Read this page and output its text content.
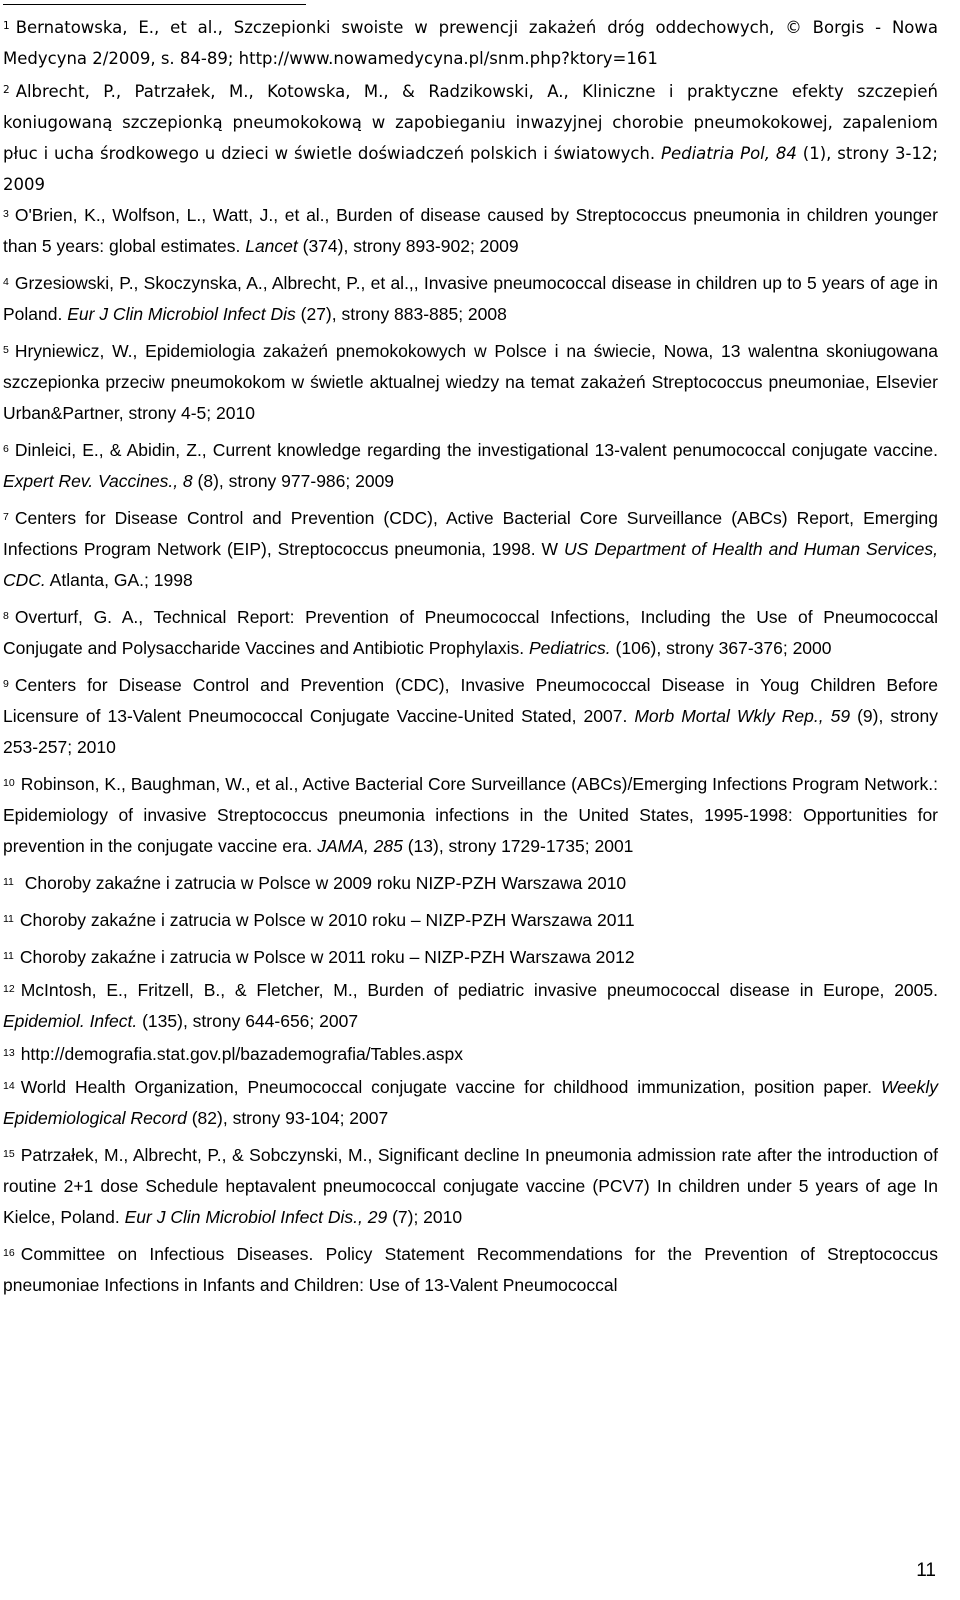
$^1$ Bernatowska, E., et al., Szczepionki swoiste w prewencji zakażeń dróg oddechowych, © Borgis - Nowa Medycyna 2/2009, s. 84-89; http://www.nowamedycyna.pl/snm.php?ktory=161

$^2$ Albrecht, P., Patrzałek, M., Kotowska, M., & Radzikowski, A., Kliniczne i praktyczne efekty szczepień koniugowaną szczepionką pneumokokową w zapobieganiu inwazyjnej chorobie pneumokokowej, zapaleniom płuc i ucha środkowego u dzieci w świetle doświadczeń polskich i światowych. Pediatria Pol, 84 (1), strony 3-12; 2009

$^3$ O'Brien, K., Wolfson, L., Watt, J., et al., Burden of disease caused by Streptococcus pneumonia in children younger than 5 years: global estimates. Lancet (374), strony 893-902; 2009

$^4$ Grzesiowski, P., Skoczynska, A., Albrecht, P., et al.,, Invasive pneumococcal disease in children up to 5 years of age in Poland. Eur J Clin Microbiol Infect Dis (27), strony 883-885; 2008

$^5$ Hryniewicz, W., Epidemiologia zakażeń pnemokokowych w Polsce i na świecie, Nowa, 13 walentna skoniugowana szczepionka przeciw pneumokokom w świetle aktualnej wiedzy na temat zakażeń Streptococcus pneumoniae, Elsevier Urban&Partner, strony 4-5; 2010

$^6$ Dinleici, E., & Abidin, Z., Current knowledge regarding the investigational 13-valent penumococcal conjugate vaccine. Expert Rev. Vaccines., 8 (8), strony 977-986; 2009

$^7$ Centers for Disease Control and Prevention (CDC), Active Bacterial Core Surveillance (ABCs) Report, Emerging Infections Program Network (EIP), Streptococcus pneumonia, 1998. W US Department of Health and Human Services, CDC. Atlanta, GA.; 1998

$^8$ Overturf, G. A., Technical Report: Prevention of Pneumococcal Infections, Including the Use of Pneumococcal Conjugate and Polysaccharide Vaccines and Antibiotic Prophylaxis. Pediatrics. (106), strony 367-376; 2000

$^9$ Centers for Disease Control and Prevention (CDC), Invasive Pneumococcal Disease in Youg Children Before Licensure of 13-Valent Pneumococcal Conjugate Vaccine-United Stated, 2007. Morb Mortal Wkly Rep., 59 (9), strony 253-257; 2010

$^{10}$ Robinson, K., Baughman, W., et al., Active Bacterial Core Surveillance (ABCs)/Emerging Infections Program Network.: Epidemiology of invasive Streptococcus pneumonia infections in the United States, 1995-1998: Opportunities for prevention in the conjugate vaccine era. JAMA, 285 (13), strony 1729-1735; 2001

$^{11}$ Choroby zakaźne i zatrucia w Polsce w 2009 roku NIZP-PZH Warszawa 2010

$^{11}$ Choroby zakaźne i zatrucia w Polsce w 2010 roku – NIZP-PZH Warszawa 2011

$^{11}$ Choroby zakaźne i zatrucia w Polsce w 2011 roku – NIZP-PZH Warszawa 2012

$^{12}$ McIntosh, E., Fritzell, B., & Fletcher, M., Burden of pediatric invasive pneumococcal disease in Europe, 2005. Epidemiol. Infect. (135), strony 644-656; 2007

$^{13}$ http://demografia.stat.gov.pl/bazademografia/Tables.aspx

$^{14}$ World Health Organization, Pneumococcal conjugate vaccine for childhood immunization, position paper. Weekly Epidemiological Record (82), strony 93-104; 2007

$^{15}$ Patrzałek, M., Albrecht, P., & Sobczynski, M., Significant decline In pneumonia admission rate after the introduction of routine 2+1 dose Schedule heptavalent pneumococcal conjugate vaccine (PCV7) In children under 5 years of age In Kielce, Poland. Eur J Clin Microbiol Infect Dis., 29 (7); 2010

$^{16}$ Committee on Infectious Diseases. Policy Statement Recommendations for the Prevention of Streptococcus pneumoniae Infections in Infants and Children: Use of 13-Valent Pneumococcal

11
